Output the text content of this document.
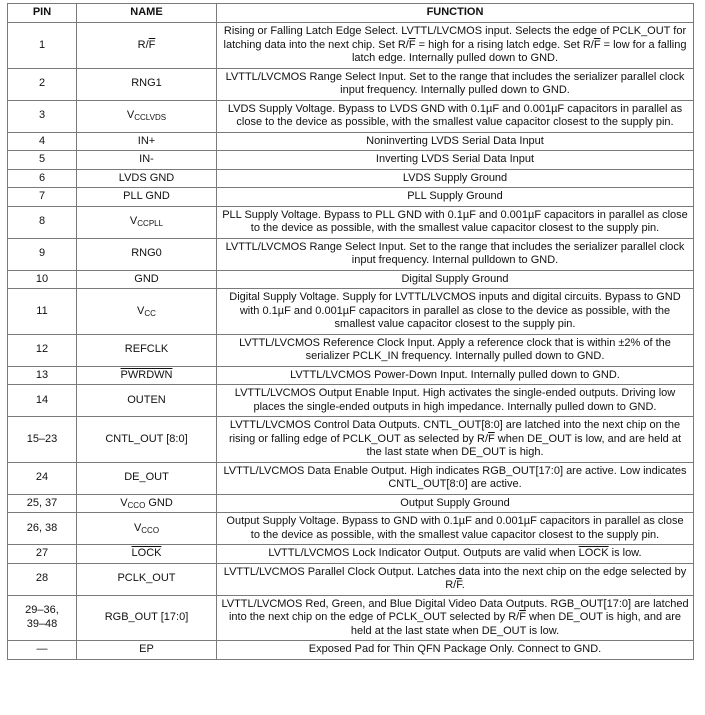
PIN	NAME	FUNCTION
1	$R/\overline{F}$	Rising or Falling Latch Edge Select. LVTTL/LVCMOS input. Selects the edge of PCLK_OUT for latching data into the next chip. Set $R/\overline{F}$ = high for a rising latch edge. Set $R/\overline{F}$ = low for a falling latch edge. Internally pulled down to GND.
2	RNG1	LVTTL/LVCMOS Range Select Input. Set to the range that includes the serializer parallel clock input frequency. Internally pulled down to GND.
3	$V_{CCLVDS}$	LVDS Supply Voltage. Bypass to LVDS GND with 0.1µF and 0.001µF capacitors in parallel as close to the device as possible, with the smallest value capacitor closest to the supply pin.
4	IN+	Noninverting LVDS Serial Data Input
5	IN-	Inverting LVDS Serial Data Input
6	LVDS GND	LVDS Supply Ground
7	PLL GND	PLL Supply Ground
8	$V_{CCPLL}$	PLL Supply Voltage. Bypass to PLL GND with 0.1µF and 0.001µF capacitors in parallel as close to the device as possible, with the smallest value capacitor closest to the supply pin.
9	RNG0	LVTTL/LVCMOS Range Select Input. Set to the range that includes the serializer parallel clock input frequency. Internal pulldown to GND.
10	GND	Digital Supply Ground
11	$V_{CC}$	Digital Supply Voltage. Supply for LVTTL/LVCMOS inputs and digital circuits. Bypass to GND with 0.1µF and 0.001µF capacitors in parallel as close to the device as possible, with the smallest value capacitor closest to the supply pin.
12	REFCLK	LVTTL/LVCMOS Reference Clock Input. Apply a reference clock that is within ±2% of the serializer PCLK_IN frequency. Internally pulled down to GND.
13	PWRDWN	LVTTL/LVCMOS Power-Down Input. Internally pulled down to GND.
14	OUTEN	LVTTL/LVCMOS Output Enable Input. High activates the single-ended outputs. Driving low places the single-ended outputs in high impedance. Internally pulled down to GND.
15–23	CNTL_OUT [8:0]	LVTTL/LVCMOS Control Data Outputs. CNTL_OUT[8:0] are latched into the next chip on the rising or falling edge of PCLK_OUT as selected by $R/\overline{F}$ when DE_OUT is low, and are held at the last state when DE_OUT is high.
24	DE_OUT	LVTTL/LVCMOS Data Enable Output. High indicates RGB_OUT[17:0] are active. Low indicates CNTL_OUT[8:0] are active.
25, 37	$V_{CCO}$ GND	Output Supply Ground
26, 38	$V_{CCO}$	Output Supply Voltage. Bypass to GND with 0.1µF and 0.001µF capacitors in parallel as close to the device as possible, with the smallest value capacitor closest to the supply pin.
27	LOCK	LVTTL/LVCMOS Lock Indicator Output. Outputs are valid when LOCK is low.
28	PCLK_OUT	LVTTL/LVCMOS Parallel Clock Output. Latches data into the next chip on the edge selected by $R/\overline{F}$.
29–36,
39–48	RGB_OUT [17:0]	LVTTL/LVCMOS Red, Green, and Blue Digital Video Data Outputs. RGB_OUT[17:0] are latched into the next chip on the edge of PCLK_OUT selected by $R/\overline{F}$ when DE_OUT is high, and are held at the last state when DE_OUT is low.
—	EP	Exposed Pad for Thin QFN Package Only. Connect to GND.
